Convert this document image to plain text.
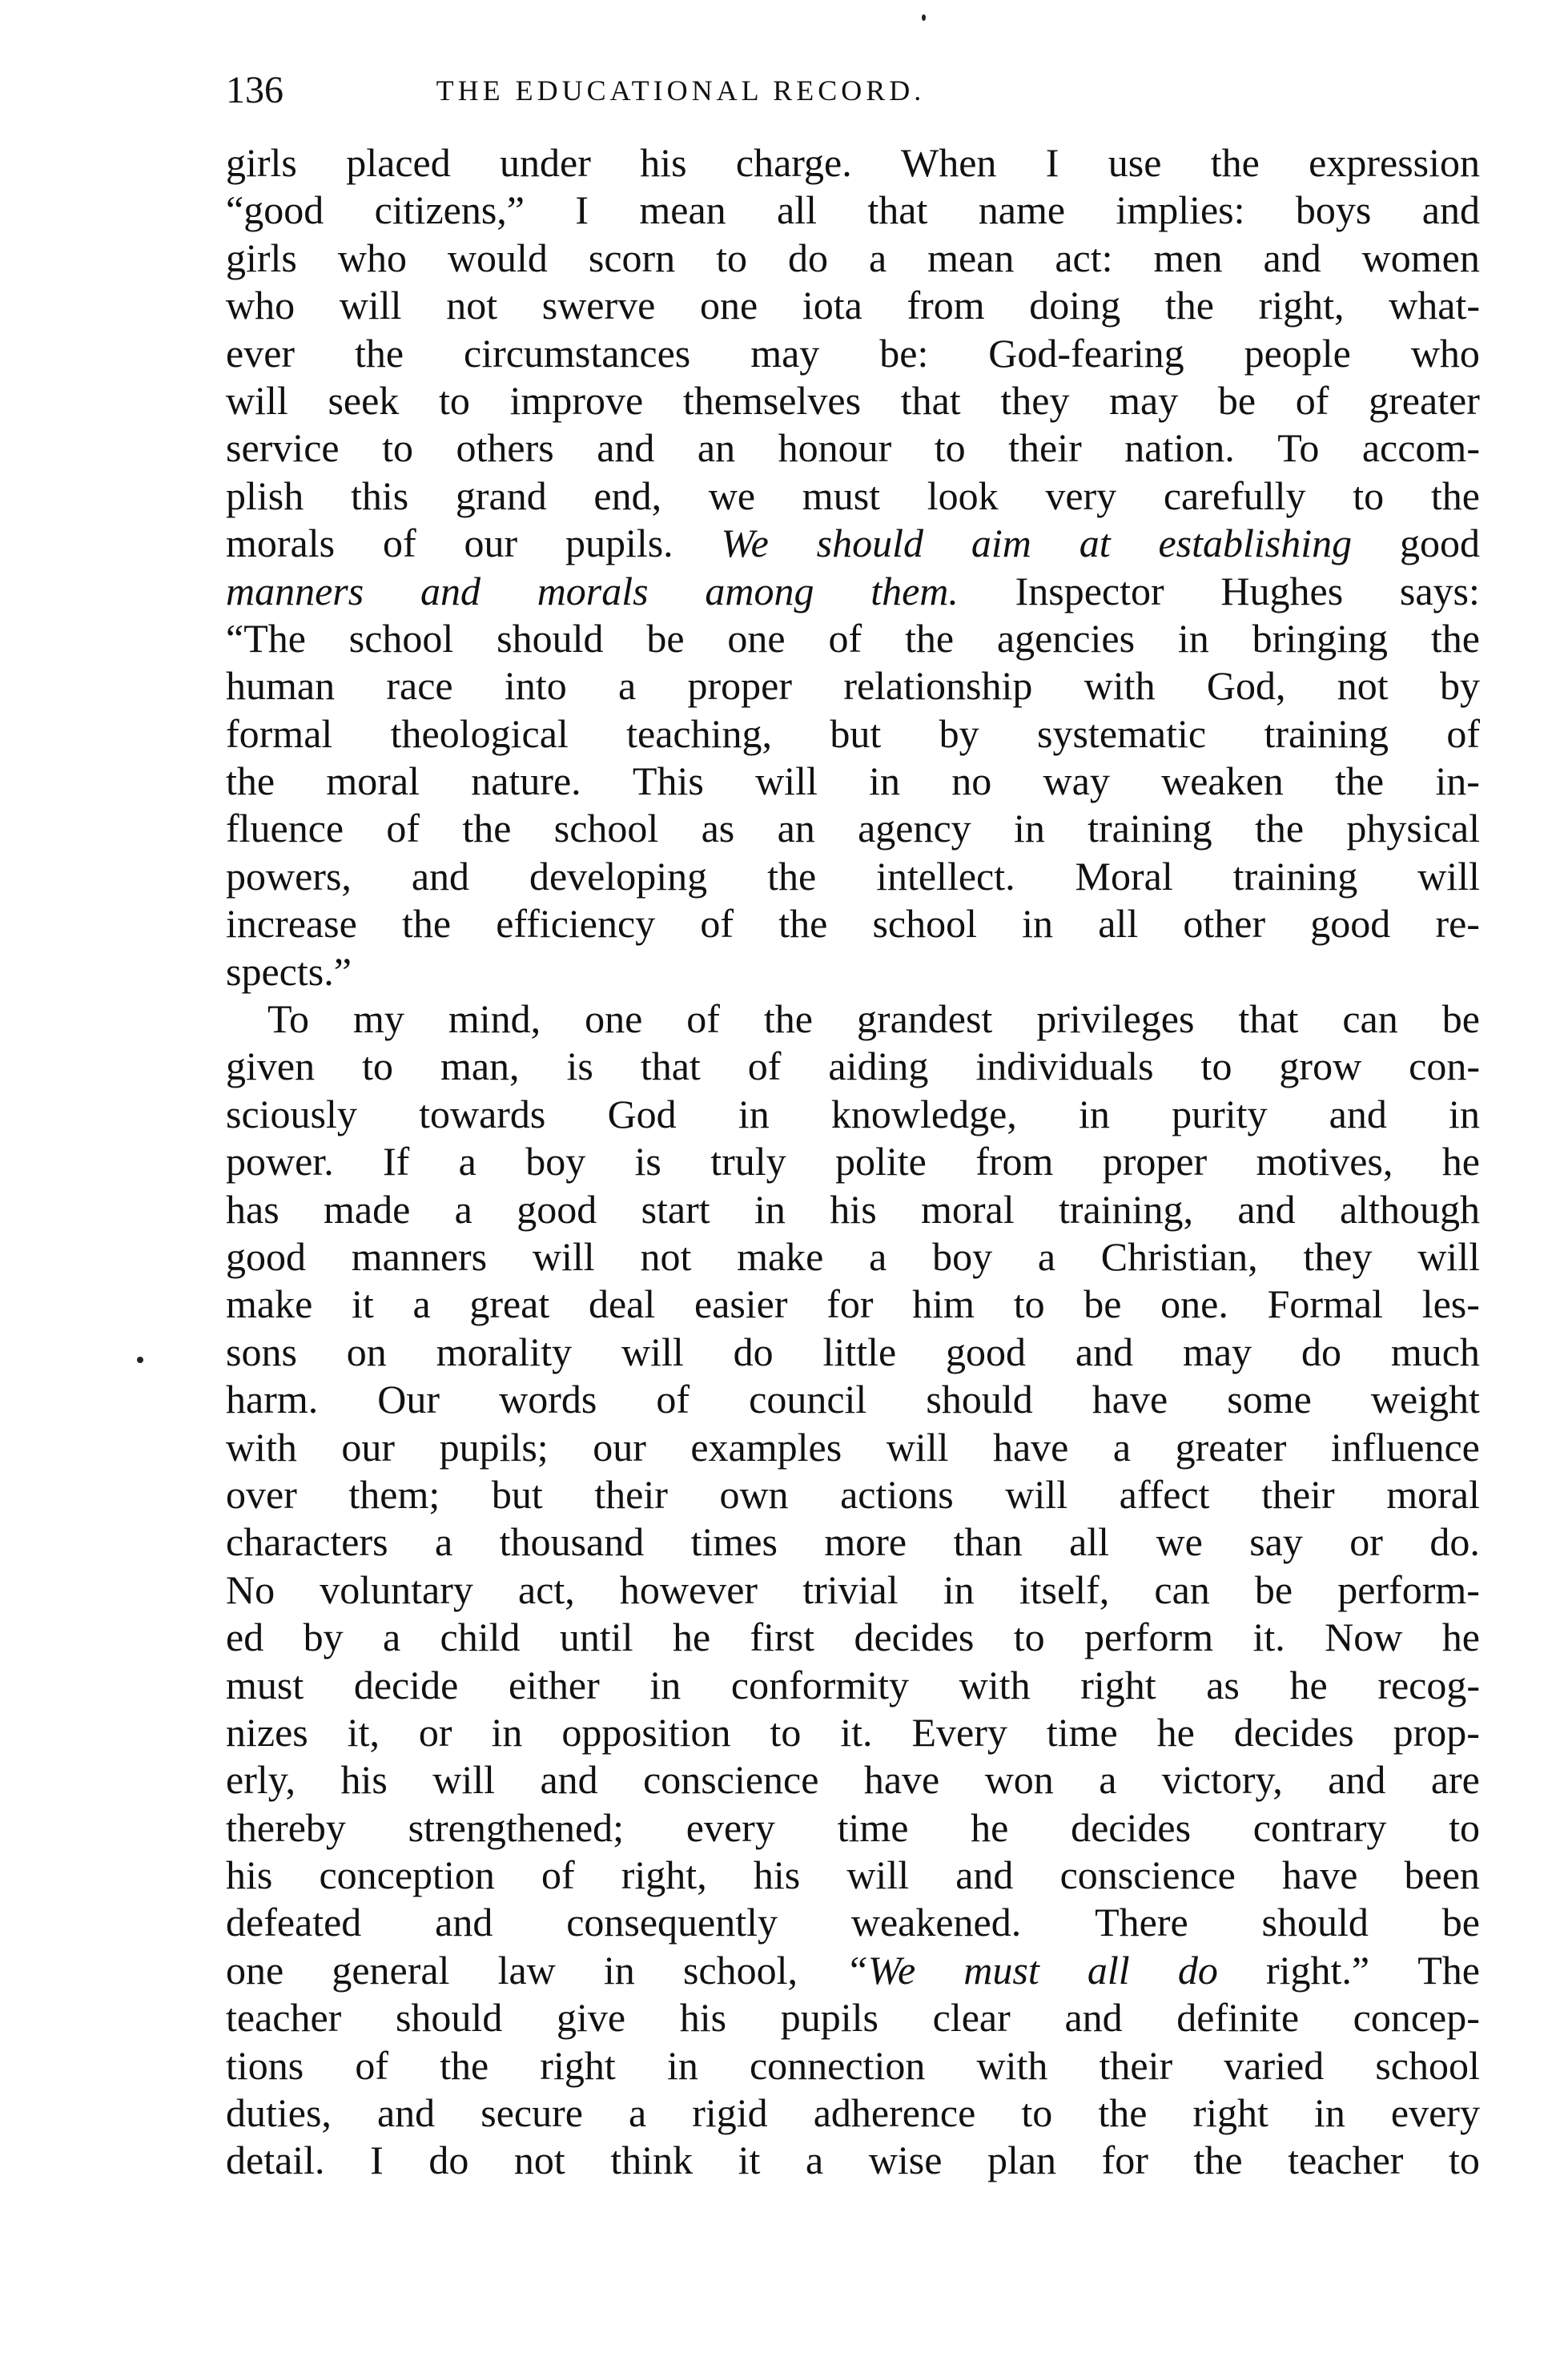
136	THE EDUCATIONAL RECORD.
girls placed under his charge. When I use the expression
“good citizens,” I mean all that name implies: boys and
girls who would scorn to do a mean act: men and women
who will not swerve one iota from doing the right, what-
ever the circumstances may be: God-fearing people who
will seek to improve themselves that they may be of greater
service to others and an honour to their nation. To accom-
plish this grand end, we must look very carefully to the
morals of our pupils. We should aim at establishing good
manners and morals among them. Inspector Hughes says:
“The school should be one of the agencies in bringing the
human race into a proper relationship with God, not by
formal theological teaching, but by systematic training of
the moral nature. This will in no way weaken the in-
fluence of the school as an agency in training the physical
powers, and developing the intellect. Moral training will
increase the efficiency of the school in all other good re-
spects.”
To my mind, one of the grandest privileges that can be
given to man, is that of aiding individuals to grow con-
sciously towards God in knowledge, in purity and in
power. If a boy is truly polite from proper motives, he
has made a good start in his moral training, and although
good manners will not make a boy a Christian, they will
make it a great deal easier for him to be one. Formal les-
sons on morality will do little good and may do much
harm. Our words of council should have some weight
with our pupils; our examples will have a greater influence
over them; but their own actions will affect their moral
characters a thousand times more than all we say or do.
No voluntary act, however trivial in itself, can be perform-
ed by a child until he first decides to perform it. Now he
must decide either in conformity with right as he recog-
nizes it, or in opposition to it. Every time he decides prop-
erly, his will and conscience have won a victory, and are
thereby strengthened; every time he decides contrary to
his conception of right, his will and conscience have been
defeated and consequently weakened. There should be
one general law in school, “We must all do right.” The
teacher should give his pupils clear and definite concep-
tions of the right in connection with their varied school
duties, and secure a rigid adherence to the right in every
detail. I do not think it a wise plan for the teacher to
